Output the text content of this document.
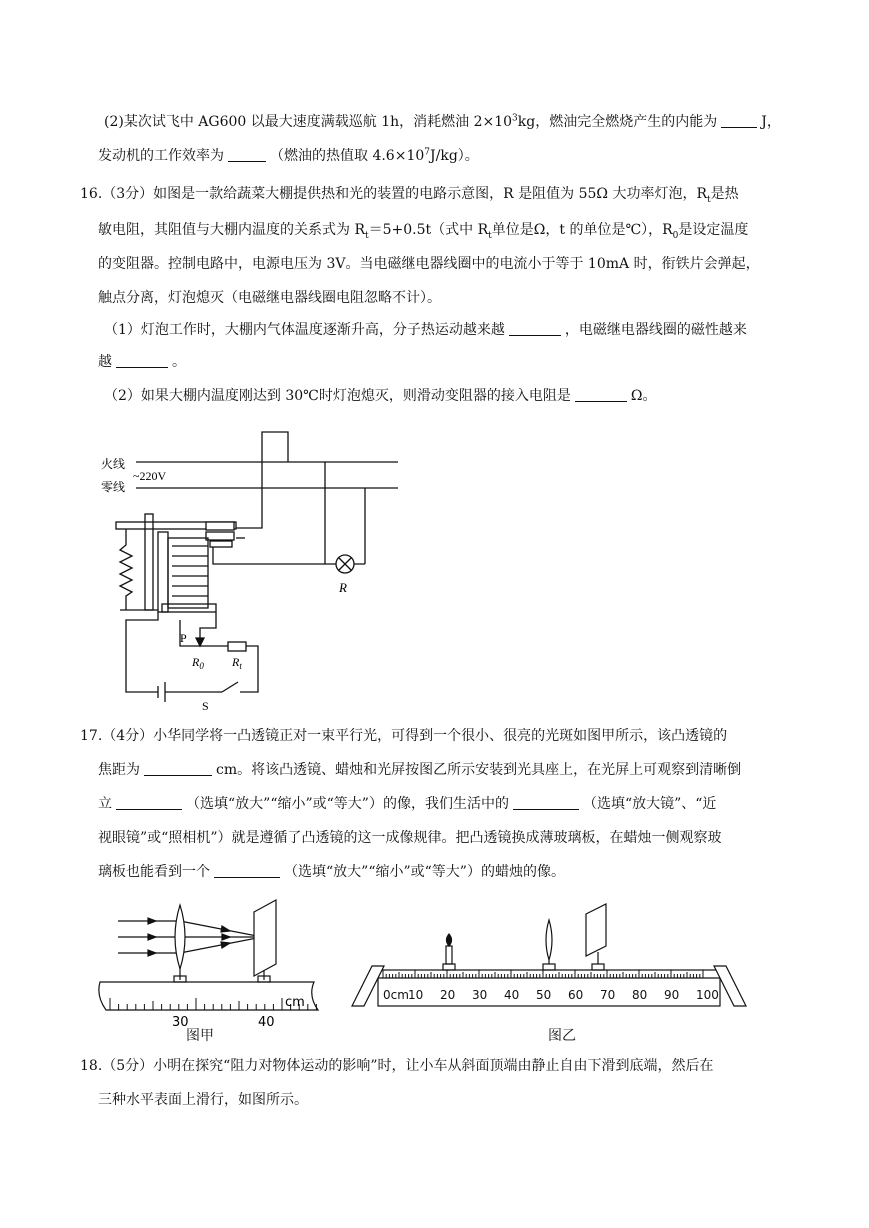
(2)某次试飞中 AG600 以最大速度满载巡航 1h，消耗燃油 $2\times 10^3kg$，燃油完全燃烧产生的内能为	J，
发动机的工作效率为	（燃油的热值取 $4.6\times 10^7J/kg$）。
16.（3分）如图是一款给蔬菜大棚提供热和光的装置的电路示意图，R 是阻值为 55Ω 大功率灯泡，$R_t$是热
敏电阻，其阻值与大棚内温度的关系式为 $R_t=5+0.5t$（式中 $R_t$单位是Ω，t 的单位是℃），$R_0$是设定温度
的变阻器。控制电路中，电源电压为 3V。当电磁继电器线圈中的电流小于等于 10mA 时，衔铁片会弹起，
触点分离，灯泡熄灭（电磁继电器线圈电阻忽略不计）。
（1）灯泡工作时，大棚内气体温度逐渐升高，分子热运动越来越	，电磁继电器线圈的磁性越来
越	。
（2）如果大棚内温度刚达到 30℃时灯泡熄灭，则滑动变阻器的接入电阻是	Ω。
火线
零线
~220V
R
P
$R_0$ $R_t$
S
17.（4分）小华同学将一凸透镜正对一束平行光，可得到一个很小、很亮的光斑如图甲所示，该凸透镜的
焦距为	cm。将该凸透镜、蜡烛和光屏按图乙所示安装到光具座上，在光屏上可观察到清晰倒
立	（选填“放大”“缩小”或“等大”）的像，我们生活中的	（选填“放大镜”、“近
视眼镜”或“照相机”）就是遵循了凸透镜的这一成像规律。把凸透镜换成薄玻璃板，在蜡烛一侧观察玻
璃板也能看到一个	（选填“放大”“缩小”或“等大”）的蜡烛的像。
30	40
cm
图甲
0cm 10 20 30 40 50 60 70 80 90 100
图乙
18.（5分）小明在探究“阻力对物体运动的影响”时，让小车从斜面顶端由静止自由下滑到底端，然后在
三种水平表面上滑行，如图所示。
